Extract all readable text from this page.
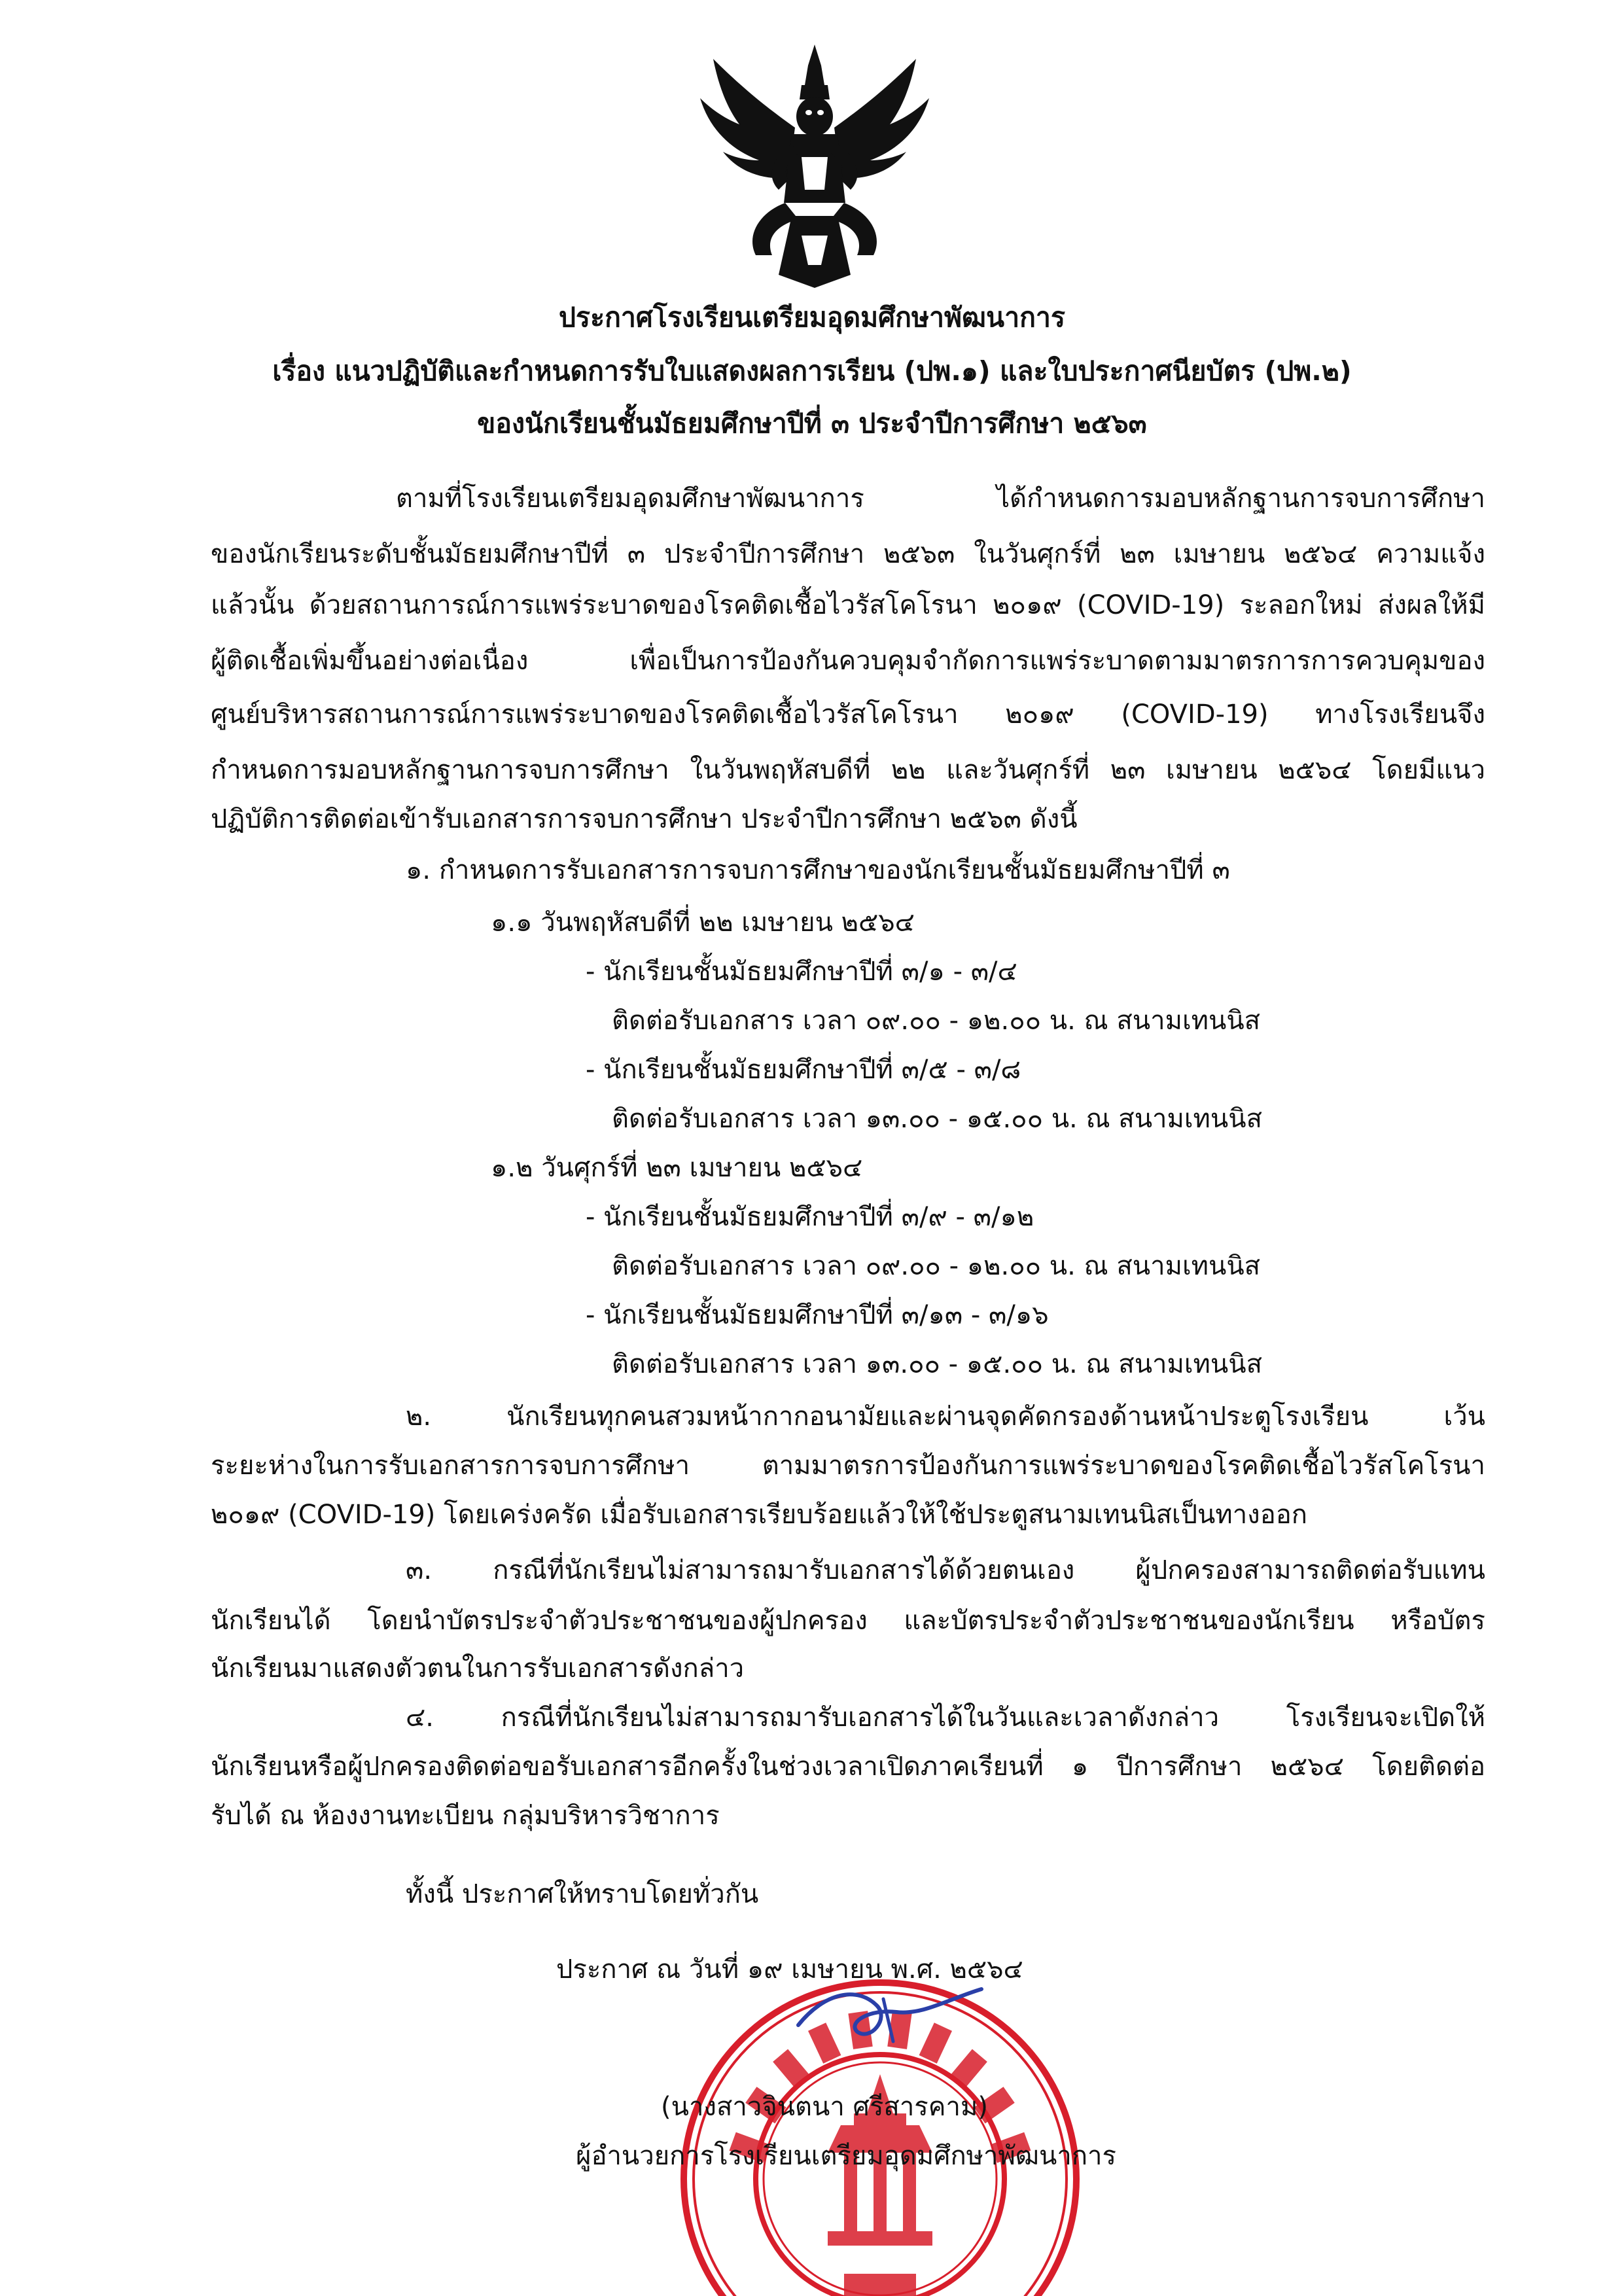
ประกาศโรงเรียนเตรียมอุดมศึกษาพัฒนาการ
เรื่อง แนวปฏิบัติและกำหนดการรับใบแสดงผลการเรียน (ปพ.๑) และใบประกาศนียบัตร (ปพ.๒)
ของนักเรียนชั้นมัธยมศึกษาปีที่ ๓ ประจำปีการศึกษา ๒๕๖๓
ตามที่โรงเรียนเตรียมอุดมศึกษาพัฒนาการ ได้กำหนดการมอบหลักฐานการจบการศึกษา
ของนักเรียนระดับชั้นมัธยมศึกษาปีที่ ๓ ประจำปีการศึกษา ๒๕๖๓ ในวันศุกร์ที่ ๒๓ เมษายน ๒๕๖๔ ความแจ้ง
แล้วนั้น ด้วยสถานการณ์การแพร่ระบาดของโรคติดเชื้อไวรัสโคโรนา ๒๐๑๙ (COVID-19) ระลอกใหม่ ส่งผลให้มี
ผู้ติดเชื้อเพิ่มขึ้นอย่างต่อเนื่อง เพื่อเป็นการป้องกันควบคุมจำกัดการแพร่ระบาดตามมาตรการการควบคุมของ
ศูนย์บริหารสถานการณ์การแพร่ระบาดของโรคติดเชื้อไวรัสโคโรนา ๒๐๑๙ (COVID-19) ทางโรงเรียนจึง
กำหนดการมอบหลักฐานการจบการศึกษา ในวันพฤหัสบดีที่ ๒๒ และวันศุกร์ที่ ๒๓ เมษายน ๒๕๖๔ โดยมีแนว
ปฏิบัติการติดต่อเข้ารับเอกสารการจบการศึกษา ประจำปีการศึกษา ๒๕๖๓ ดังนี้
๑. กำหนดการรับเอกสารการจบการศึกษาของนักเรียนชั้นมัธยมศึกษาปีที่ ๓
๑.๑ วันพฤหัสบดีที่ ๒๒ เมษายน ๒๕๖๔
- นักเรียนชั้นมัธยมศึกษาปีที่ ๓/๑ - ๓/๔
ติดต่อรับเอกสาร เวลา ๐๙.๐๐ - ๑๒.๐๐ น. ณ สนามเทนนิส
- นักเรียนชั้นมัธยมศึกษาปีที่ ๓/๕ - ๓/๘
ติดต่อรับเอกสาร เวลา ๑๓.๐๐ - ๑๕.๐๐ น. ณ สนามเทนนิส
๑.๒ วันศุกร์ที่ ๒๓ เมษายน ๒๕๖๔
- นักเรียนชั้นมัธยมศึกษาปีที่ ๓/๙ - ๓/๑๒
ติดต่อรับเอกสาร เวลา ๐๙.๐๐ - ๑๒.๐๐ น. ณ สนามเทนนิส
- นักเรียนชั้นมัธยมศึกษาปีที่ ๓/๑๓ - ๓/๑๖
ติดต่อรับเอกสาร เวลา ๑๓.๐๐ - ๑๕.๐๐ น. ณ สนามเทนนิส
๒. นักเรียนทุกคนสวมหน้ากากอนามัยและผ่านจุดคัดกรองด้านหน้าประตูโรงเรียน เว้น
ระยะห่างในการรับเอกสารการจบการศึกษา ตามมาตรการป้องกันการแพร่ระบาดของโรคติดเชื้อไวรัสโคโรนา
๒๐๑๙ (COVID-19) โดยเคร่งครัด เมื่อรับเอกสารเรียบร้อยแล้วให้ใช้ประตูสนามเทนนิสเป็นทางออก
๓. กรณีที่นักเรียนไม่สามารถมารับเอกสารได้ด้วยตนเอง ผู้ปกครองสามารถติดต่อรับแทน
นักเรียนได้ โดยนำบัตรประจำตัวประชาชนของผู้ปกครอง และบัตรประจำตัวประชาชนของนักเรียน หรือบัตร
นักเรียนมาแสดงตัวตนในการรับเอกสารดังกล่าว
๔. กรณีที่นักเรียนไม่สามารถมารับเอกสารได้ในวันและเวลาดังกล่าว โรงเรียนจะเปิดให้
นักเรียนหรือผู้ปกครองติดต่อขอรับเอกสารอีกครั้งในช่วงเวลาเปิดภาคเรียนที่ ๑ ปีการศึกษา ๒๕๖๔ โดยติดต่อ
รับได้ ณ ห้องงานทะเบียน กลุ่มบริหารวิชาการ
ทั้งนี้ ประกาศให้ทราบโดยทั่วกัน
ประกาศ ณ วันที่ ๑๙ เมษายน พ.ศ. ๒๕๖๔
(นางสาวจินตนา ศรีสารคาม)
ผู้อำนวยการโรงเรียนเตรียมอุดมศึกษาพัฒนาการ
